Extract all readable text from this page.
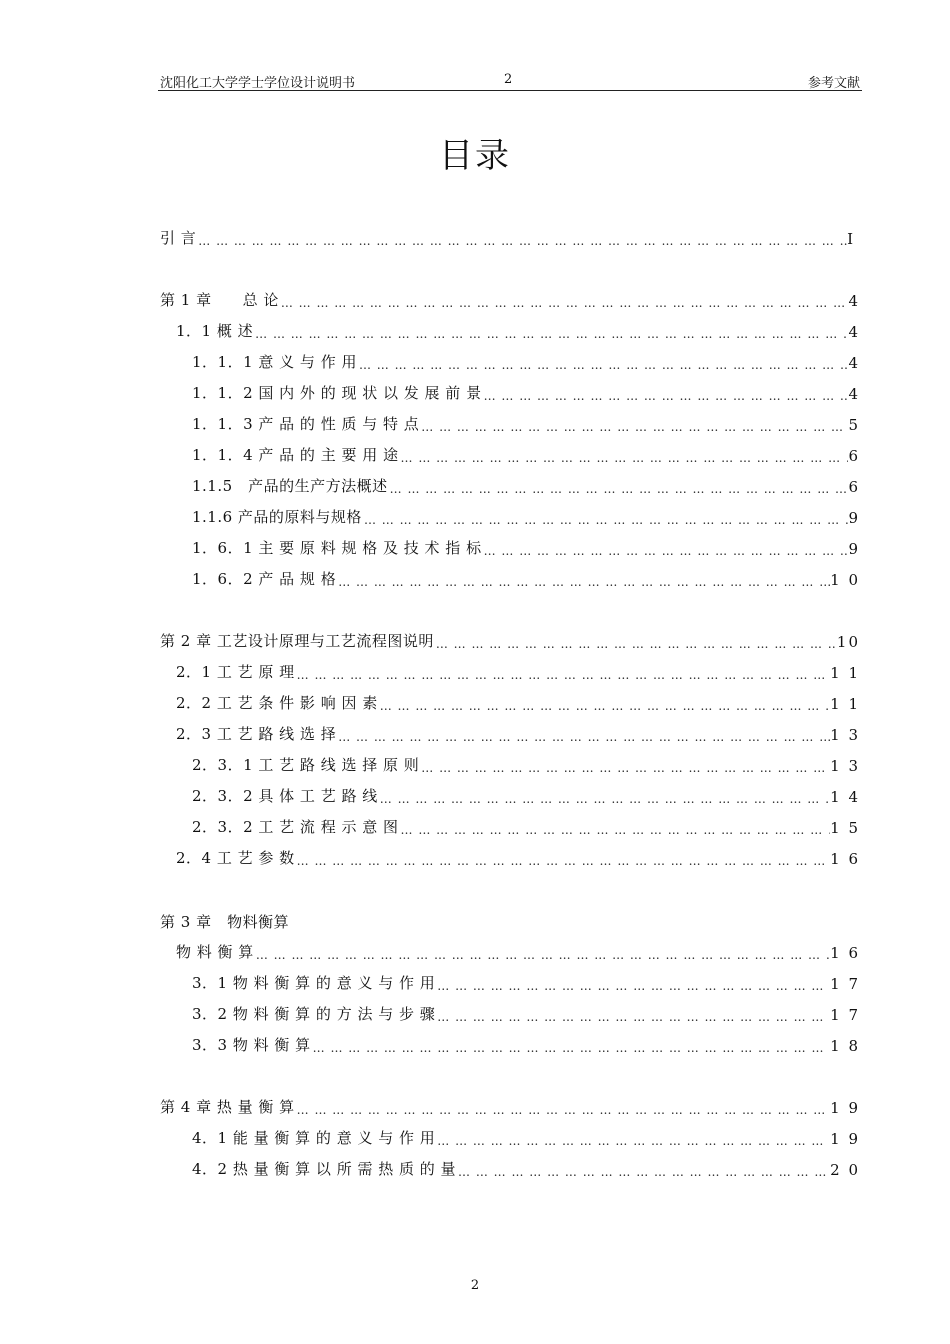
沈阳化工大学学士学位设计说明书	2	参考文献
目录
引 言 … … … … … … … … … … … … … … … … … … … … … … … … … … … … … … … … … … … … … … … … … … … … … … … … … … … …	I
第 1 章　　总 论 … … … … … … … … … … … … … … … … … … … … … … … … … … … … … … … … … … … … … … … … … … … … … … … … … … … …	4
1．1 概 述 … … … … … … … … … … … … … … … … … … … … … … … … … … … … … … … … … … … … … … … … … … … … … … … … … … … …	4
1．1．1 意 义 与 作 用 … … … … … … … … … … … … … … … … … … … … … … … … … … … … … … … … … … … … … … … … … … … … … … … … … … … …	4
1．1．2 国 内 外 的 现 状 以 发 展 前 景 … … … … … … … … … … … … … … … … … … … … … … … … … … … … … … … … … … … … … … … … … … … … … … … … … … … …	4
1．1．3 产 品 的 性 质 与 特 点 … … … … … … … … … … … … … … … … … … … … … … … … … … … … … … … … … … … … … … … … … … … … … … … … … … … …	5
1．1．4 产 品 的 主 要 用 途 … … … … … … … … … … … … … … … … … … … … … … … … … … … … … … … … … … … … … … … … … … … … … … … … … … … …	6
1.1.5　产品的生产方法概述 … … … … … … … … … … … … … … … … … … … … … … … … … … … … … … … … … … … … … … … … … … … … … … … … … … … …	6
1.1.6 产品的原料与规格 … … … … … … … … … … … … … … … … … … … … … … … … … … … … … … … … … … … … … … … … … … … … … … … … … … … …	9
1．6．1 主 要 原 料 规 格 及 技 术 指 标 … … … … … … … … … … … … … … … … … … … … … … … … … … … … … … … … … … … … … … … … … … … … … … … … … … … …	9
1．6．2 产 品 规 格 … … … … … … … … … … … … … … … … … … … … … … … … … … … … … … … … … … … … … … … … … … … … … … … … … … … …	1 0
第 2 章 工艺设计原理与工艺流程图说明 … … … … … … … … … … … … … … … … … … … … … … … … … … … … … … … … … … … … … … … … … … … … … … … … … … … …	10
2．1 工 艺 原 理 … … … … … … … … … … … … … … … … … … … … … … … … … … … … … … … … … … … … … … … … … … … … … … … … … … … …	1 1
2．2 工 艺 条 件 影 响 因 素 … … … … … … … … … … … … … … … … … … … … … … … … … … … … … … … … … … … … … … … … … … … … … … … … … … … …	1 1
2．3 工 艺 路 线 选 择 … … … … … … … … … … … … … … … … … … … … … … … … … … … … … … … … … … … … … … … … … … … … … … … … … … … …	1 3
2．3．1 工 艺 路 线 选 择 原 则 … … … … … … … … … … … … … … … … … … … … … … … … … … … … … … … … … … … … … … … … … … … … … … … … … … … …	1 3
2．3．2 具 体 工 艺 路 线 … … … … … … … … … … … … … … … … … … … … … … … … … … … … … … … … … … … … … … … … … … … … … … … … … … … …	1 4
2．3．2 工 艺 流 程 示 意 图 … … … … … … … … … … … … … … … … … … … … … … … … … … … … … … … … … … … … … … … … … … … … … … … … … … … …	1 5
2．4 工 艺 参 数 … … … … … … … … … … … … … … … … … … … … … … … … … … … … … … … … … … … … … … … … … … … … … … … … … … … …	1 6
第 3 章　物料衡算
物 料 衡 算 … … … … … … … … … … … … … … … … … … … … … … … … … … … … … … … … … … … … … … … … … … … … … … … … … … … …	1 6
3．1 物 料 衡 算 的 意 义 与 作 用 … … … … … … … … … … … … … … … … … … … … … … … … … … … … … … … … … … … … … … … … … … … … … … … … … … … …	1 7
3．2 物 料 衡 算 的 方 法 与 步 骤 … … … … … … … … … … … … … … … … … … … … … … … … … … … … … … … … … … … … … … … … … … … … … … … … … … … …	1 7
3．3 物 料 衡 算 … … … … … … … … … … … … … … … … … … … … … … … … … … … … … … … … … … … … … … … … … … … … … … … … … … … …	1 8
第 4 章 热 量 衡 算 … … … … … … … … … … … … … … … … … … … … … … … … … … … … … … … … … … … … … … … … … … … … … … … … … … … …	1 9
4．1 能 量 衡 算 的 意 义 与 作 用 … … … … … … … … … … … … … … … … … … … … … … … … … … … … … … … … … … … … … … … … … … … … … … … … … … … …	1 9
4．2 热 量 衡 算 以 所 需 热 质 的 量 … … … … … … … … … … … … … … … … … … … … … … … … … … … … … … … … … … … … … … … … … … … … … … … … … … … …	2 0
2
